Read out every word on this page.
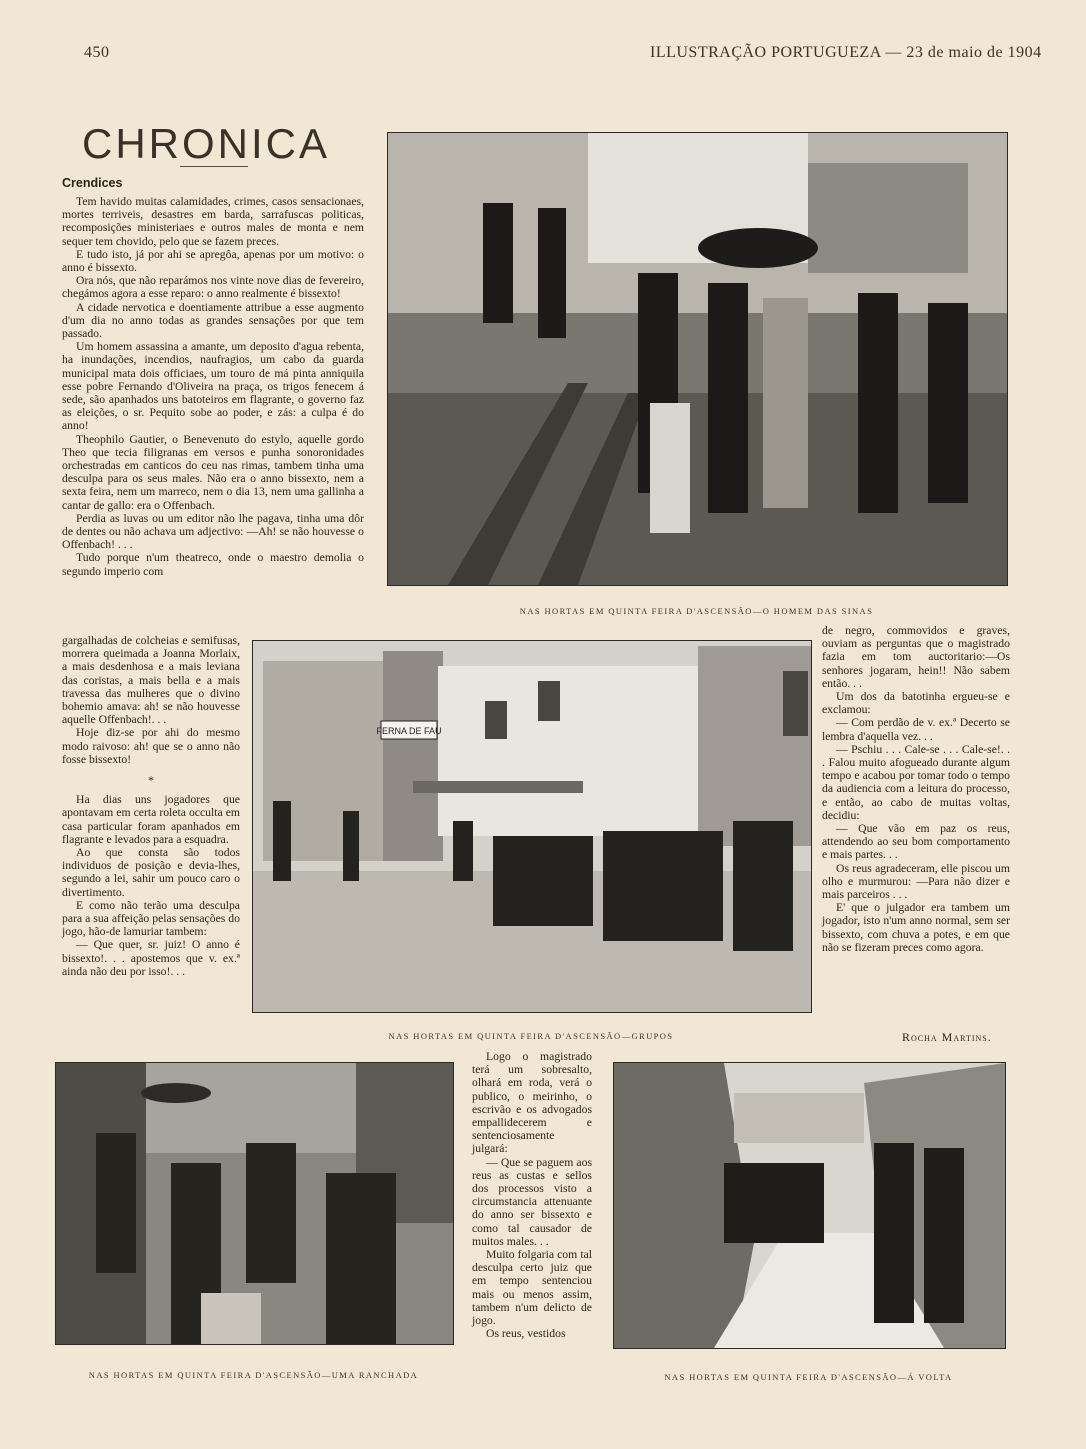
450	ILLUSTRAÇÃO PORTUGUEZA — 23 de maio de 1904
CHRONICA
Crendices

Tem havido muitas calamidades, crimes, casos sensacionaes, mortes terriveis, desastres em barda, sarrafuscas politicas, recomposições ministeriaes e outros males de monta e nem sequer tem chovido, pelo que se fazem preces.

E tudo isto, já por ahi se apregôa, apenas por um motivo: o anno é bissexto.

Ora nós, que não reparámos nos vinte nove dias de fevereiro, chegámos agora a esse reparo: o anno realmente é bissexto!

A cidade nervotica e doentiamente attribue a esse augmento d'um dia no anno todas as grandes sensações por que tem passado.

Um homem assassina a amante, um deposito d'agua rebenta, ha inundações, incendios, naufragios, um cabo da guarda municipal mata dois officiaes, um touro de má pinta anniquila esse pobre Fernando d'Oliveira na praça, os trigos fenecem á sede, são apanhados uns batoteiros em flagrante, o governo faz as eleições, o sr. Pequito sobe ao poder, e zás: a culpa é do anno!

Theophilo Gautier, o Benevenuto do estylo, aquelle gordo Theo que tecia filigranas em versos e punha sonoronidades orchestradas em canticos do ceu nas rimas, tambem tinha uma desculpa para os seus males. Não era o anno bissexto, nem a sexta feira, nem um marreco, nem o dia 13, nem uma gallinha a cantar de gallo: era o Offenbach.

Perdia as luvas ou um editor não lhe pagava, tinha uma dôr de dentes ou não achava um adjectivo: —Ah! se não houvesse o Offenbach! . . .

Tudo porque n'um theatreco, onde o maestro demolia o segundo imperio com

gargalhadas de colcheias e semifusas, morrera queimada a Joanna Morlaix, a mais desdenhosa e a mais leviana das coristas, a mais bella e a mais travessa das mulheres que o divino bohemio amava: ah! se não houvesse aquelle Offenbach!. . .

Hoje diz-se por ahi do mesmo modo raivoso: ah! que se o anno não fosse bissexto!

*

Ha dias uns jogadores que apontavam em certa roleta occulta em casa particular foram apanhados em flagrante e levados para a esquadra.

Ao que consta são todos individuos de posição e devia-lhes, segundo a lei, sahir um pouco caro o divertimento.

E como não terão uma desculpa para a sua affeição pelas sensações do jogo, hão-de lamuriar tambem:

— Que quer, sr. juiz! O anno é bissexto!. . . apostemos que v. ex.ª ainda não deu por isso!. . .

de negro, commovidos e graves, ouviam as perguntas que o magistrado fazia em tom auctoritario:—Os senhores jogaram, hein!! Não sabem então. . .

Um dos da batotinha ergueu-se e exclamou:

— Com perdão de v. ex.ª Decerto se lembra d'aquella vez. . .

— Pschiu . . . Cale-se . . . Cale-se!. . . Falou muito afogueado durante algum tempo e acabou por tomar todo o tempo da audiencia com a leitura do processo, e então, ao cabo de muitas voltas, decidiu:

— Que vão em paz os reus, attendendo ao seu bom comportamento e mais partes. . .

Os reus agradeceram, elle piscou um olho e murmurou: —Para não dizer e mais parceiros . . .

E' que o julgador era tambem um jogador, isto n'um anno normal, sem ser bissexto, com chuva a potes, e em que não se fizeram preces como agora.

Rocha Martins.

Logo o magistrado terá um sobresalto, olhará em roda, verá o publico, o meirinho, o escrivão e os advogados empallidecerem e sentenciosamente julgará:

— Que se paguem aos reus as custas e sellos dos processos visto a circumstancia attenuante do anno ser bissexto e como tal causador de muitos males. . .

Muito folgaria com tal desculpa certo juiz que em tempo sentenciou mais ou menos assim, tambem n'um delicto de jogo.

Os reus, vestidos

NAS HORTAS EM QUINTA FEIRA D'ASCENSÃO—O HOMEM DAS SINAS
FERNA DE FAU
NAS HORTAS EM QUINTA FEIRA D'ASCENSÃO—GRUPOS
NAS HORTAS EM QUINTA FEIRA D'ASCENSÃO—UMA RANCHADA	NAS HORTAS EM QUINTA FEIRA D'ASCENSÃO—Á VOLTA
